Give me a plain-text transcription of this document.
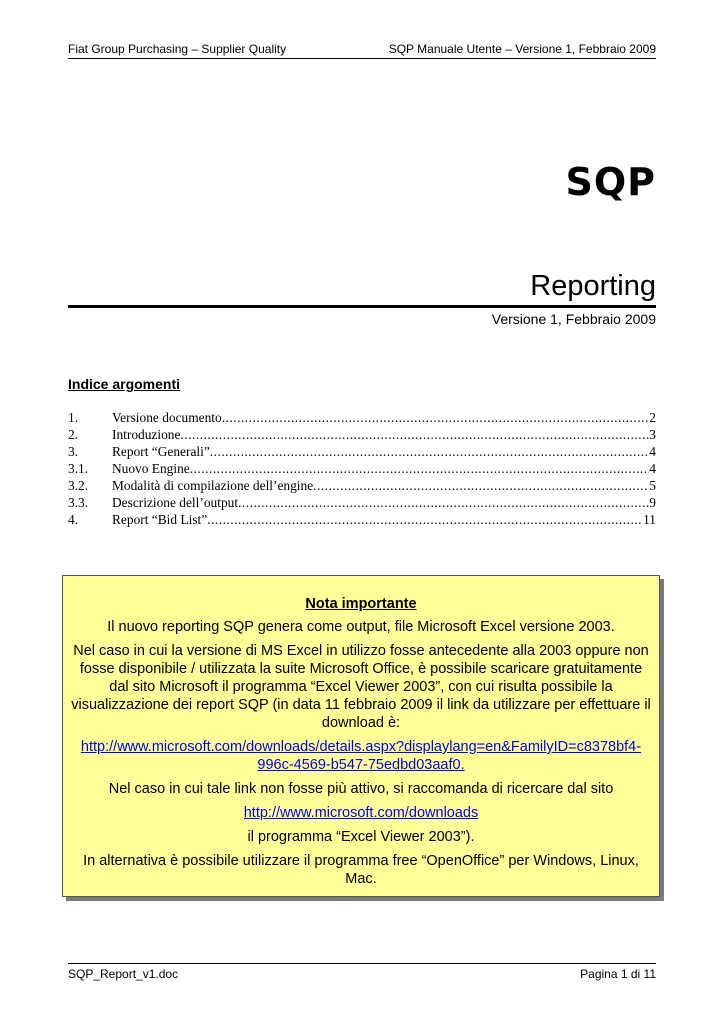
Fiat Group Purchasing – Supplier Quality	SQP Manuale Utente – Versione 1, Febbraio 2009
SQP
Reporting
Versione 1, Febbraio 2009
Indice argomenti
1.	Versione documento .....	2
2.	Introduzione .....	3
3.	Report “Generali” .....	4
3.1.	Nuovo Engine .....	4
3.2.	Modalità di compilazione dell’engine .....	5
3.3.	Descrizione dell’output .....	9
4.	Report “Bid List” .....	11

Nota importante

Il nuovo reporting SQP genera come output, file Microsoft Excel versione 2003.

Nel caso in cui la versione di MS Excel in utilizzo fosse antecedente alla 2003 oppure non fosse disponibile / utilizzata la suite Microsoft Office, è possibile scaricare gratuitamente dal sito Microsoft il programma “Excel Viewer 2003”, con cui risulta possibile la visualizzazione dei report SQP (in data 11 febbraio 2009 il link da utilizzare per effettuare il download è:

http://www.microsoft.com/downloads/details.aspx?displaylang=en&FamilyID=c8378bf4-
996c-4569-b547-75edbd03aaf0.

Nel caso in cui tale link non fosse più attivo, si raccomanda di ricercare dal sito

http://www.microsoft.com/downloads

il programma “Excel Viewer 2003”).

In alternativa è possibile utilizzare il programma free “OpenOffice” per Windows, Linux, Mac.

SQP_Report_v1.doc	Pagina 1 di 11
